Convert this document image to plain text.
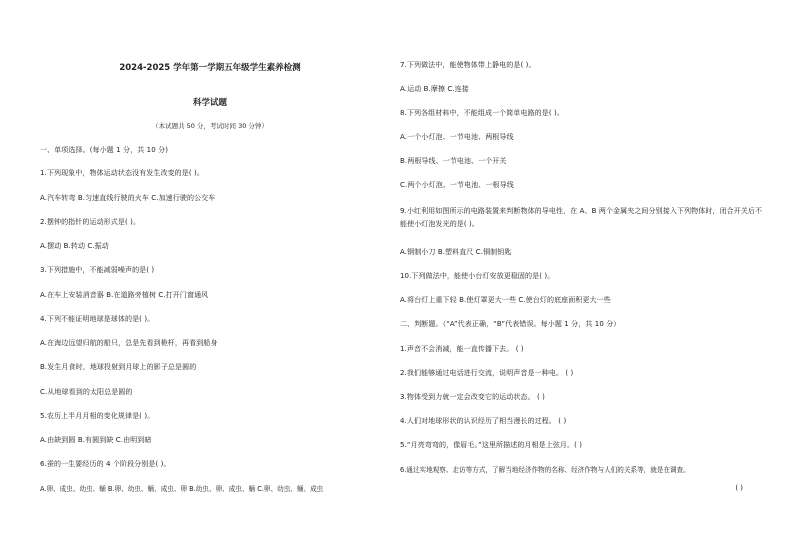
2024-2025 学年第一学期五年级学生素养检测
科学试题
（本试题共 50 分，考试时间 30 分钟）
一、单项选择。(每小题 1 分，共 10 分)
1.下列现象中，物体运动状态没有发生改变的是( )。
A.汽车转弯 B.匀速直线行驶的火车 C.加速行驶的公交车
2.摆钟的指针的运动形式是( )。
A.摆动 B.转动 C.振动
3.下列措施中，不能减弱噪声的是( )
A.在车上安装消音器 B.在道路旁植树 C.打开门窗通风
4.下列不能证明地球是球体的是( )。
A.在海边远望归航的船只，总是先看到桅杆，再看到船身
B.发生月食时，地球投射到月球上的影子总是圆的
C.从地球看到的太阳总是圆的
5.农历上半月月相的变化规律是( )。
A.由缺到圆 B.有圆到缺 C.由明到暗
6.蚕的一生要经历的 4 个阶段分别是( )。
A.卵、成虫、幼虫、蛹 B.卵、幼虫、蛹、成虫、卵 B.幼虫、卵、成虫、蛹 C.卵、幼虫、蛹、成虫
7.下列做法中，能使物体带上静电的是( )。
A.运动 B.摩擦 C.连接
8.下列各组材料中，不能组成一个简单电路的是( )。
A.一个小灯泡、一节电池、两根导线
B.两根导线、一节电池、一个开关
C.两个小灯泡、一节电池、一根导线
9.小红利用如图所示的电路装置来判断物体的导电性，在 A、B 两个金属夹之间分别接入下列物体时，闭合开关后不能使小灯泡发光的是( )。
A.钢制小刀 B.塑料直尺 C.铜制钥匙
10.下列做法中，能使小台灯安放更稳固的是( )。
A.将台灯上重下轻 B.使灯罩更大一些 C.使台灯的底座面积更大一些
二、判断题。（“A”代表正确，“B”代表错误。每小题 1 分，共 10 分）
1.声音不会消减，能一直传播下去。 ( )
2.我们能够通过电话进行交流，说明声音是一种电。 ( )
3.物体受到力就一定会改变它的运动状态。 ( )
4.人们对地球形状的认识经历了相当漫长的过程。 ( )
5.“月亮弯弯的，像眉毛。”这里所描述的月相是上弦月。( )
6.通过实地观察、走访等方式，了解当地经济作物的名称、经济作物与人们的关系等，就是在调查。
( )
